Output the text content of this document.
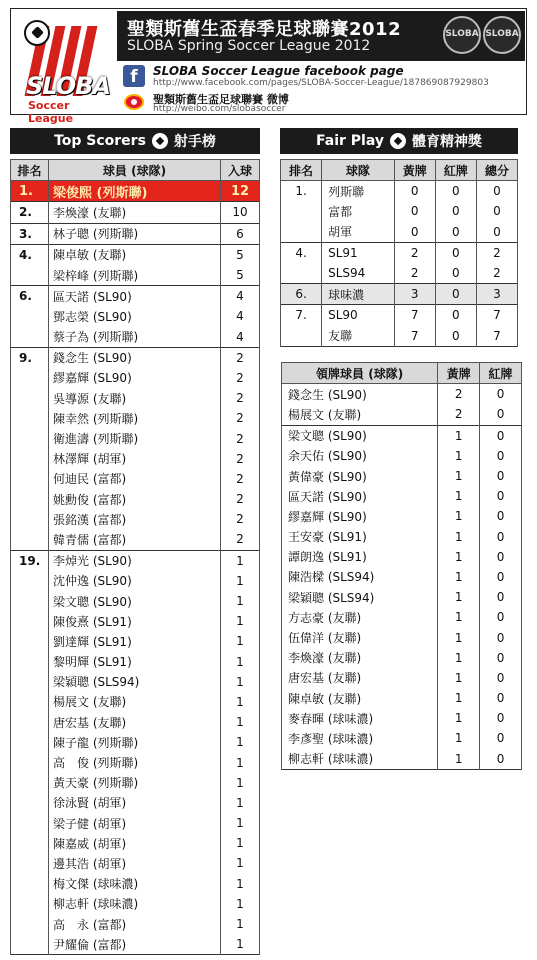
SLOBA
Soccer League
聖類斯舊生盃春季足球聯賽2012
SLOBA Spring Soccer League 2012
SLOBA SLOBA
f	SLOBA Soccer League facebook page
http://www.facebook.com/pages/SLOBA-Soccer-League/187869087929803
聖類斯舊生盃足球聯賽 微博
http://weibo.com/slobasoccer
Top Scorers 射手榜	Fair Play 體育精神獎
排名	球員 (球隊)	入球
1.	梁俊熙 (列斯聯)	12
2.	李煥濠 (友聯)	10
3.	林子聰 (列斯聯)	6
4.	陳卓敏 (友聯)	5
	梁梓峰 (列斯聯)	5
6.	區天諾 (SL90)	4
	鄧志榮 (SL90)	4
	蔡子為 (列斯聯)	4
9.	錢念生 (SL90)	2
	繆嘉輝 (SL90)	2
	吳導源 (友聯)	2
	陳幸然 (列斯聯)	2
	衛進濤 (列斯聯)	2
	林澤輝 (胡軍)	2
	何迪民 (富都)	2
	姚勳俊 (富都)	2
	張銘漢 (富都)	2
	韓青儒 (富都)	2
19.	李焯光 (SL90)	1
	沈仲逸 (SL90)	1
	梁文聰 (SL90)	1
	陳俊熹 (SL91)	1
	劉達輝 (SL91)	1
	黎明輝 (SL91)	1
	梁穎聰 (SLS94)	1
	楊展文 (友聯)	1
	唐宏基 (友聯)	1
	陳子龍 (列斯聯)	1
	高　俊 (列斯聯)	1
	黃天豪 (列斯聯)	1
	徐泳賢 (胡軍)	1
	梁子健 (胡軍)	1
	陳嘉威 (胡軍)	1
	邊其浩 (胡軍)	1
	梅文傑 (球味濃)	1
	柳志軒 (球味濃)	1
	高　永 (富都)	1
	尹耀倫 (富都)	1
排名	球隊	黃牌	紅牌	總分
1.	列斯聯	0	0	0
	富都	0	0	0
	胡軍	0	0	0
4.	SL91	2	0	2
	SLS94	2	0	2
6.	球味濃	3	0	3
7.	SL90	7	0	7
	友聯	7	0	7
領牌球員 (球隊)	黃牌	紅牌
錢念生 (SL90)	2	0
楊展文 (友聯)	2	0
梁文聰 (SL90)	1	0
余天佑 (SL90)	1	0
黃偉豪 (SL90)	1	0
區天諾 (SL90)	1	0
繆嘉輝 (SL90)	1	0
王安豪 (SL91)	1	0
譚朗逸 (SL91)	1	0
陳浩樑 (SLS94)	1	0
梁穎聰 (SLS94)	1	0
方志豪 (友聯)	1	0
伍偉洋 (友聯)	1	0
李煥濠 (友聯)	1	0
唐宏基 (友聯)	1	0
陳卓敏 (友聯)	1	0
麥春暉 (球味濃)	1	0
李彥聖 (球味濃)	1	0
柳志軒 (球味濃)	1	0
